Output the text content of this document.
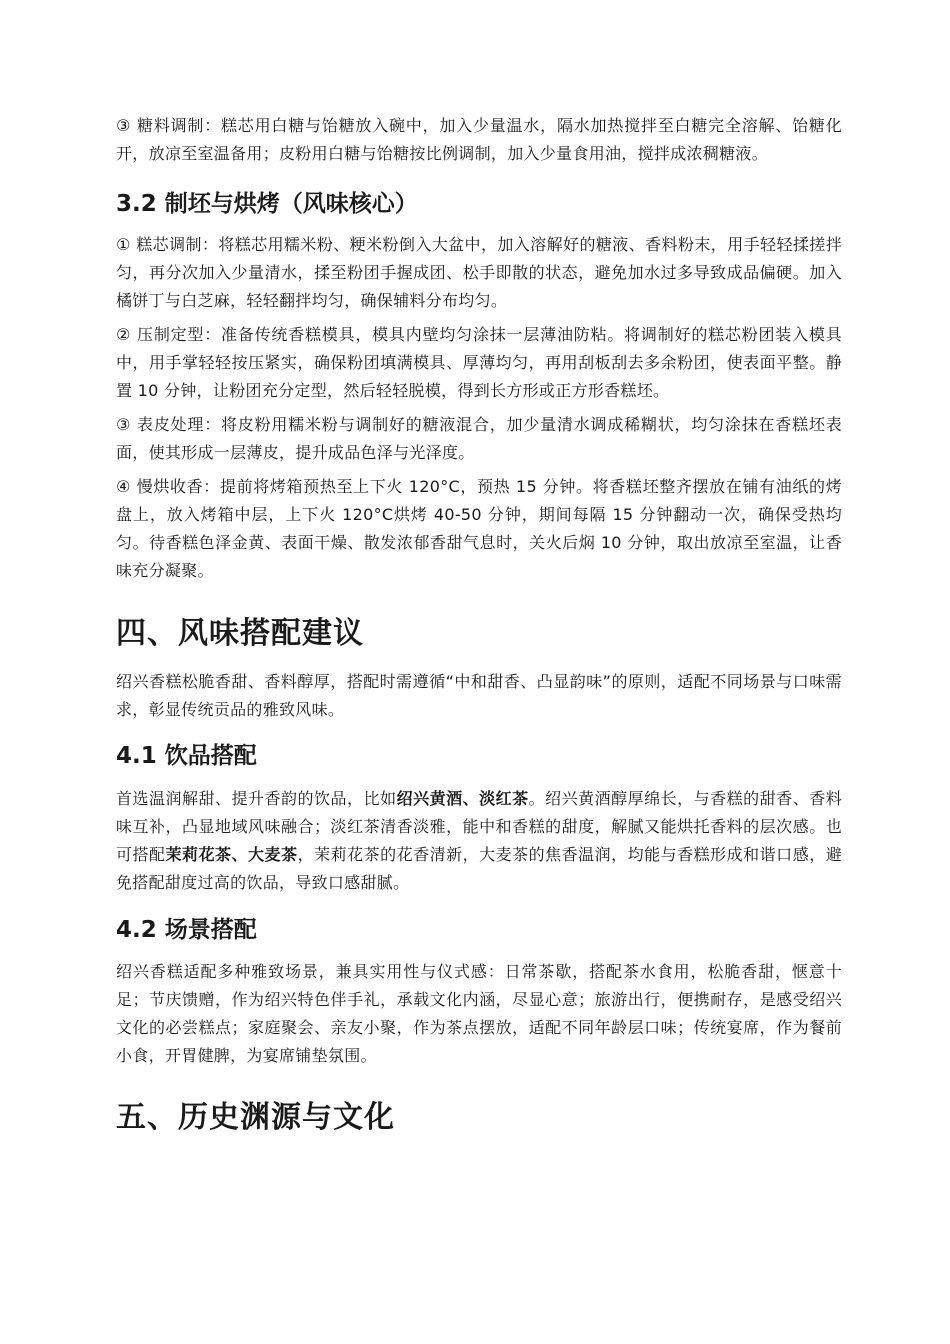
③ 糖料调制：糕芯用白糖与饴糖放入碗中，加入少量温水，隔水加热搅拌至白糖完全溶解、饴糖化开，放凉至室温备用；皮粉用白糖与饴糖按比例调制，加入少量食用油，搅拌成浓稠糖液。

3.2 制坯与烘烤（风味核心）

① 糕芯调制：将糕芯用糯米粉、粳米粉倒入大盆中，加入溶解好的糖液、香料粉末，用手轻轻揉搓拌匀，再分次加入少量清水，揉至粉团手握成团、松手即散的状态，避免加水过多导致成品偏硬。加入橘饼丁与白芝麻，轻轻翻拌均匀，确保辅料分布均匀。

② 压制定型：准备传统香糕模具，模具内壁均匀涂抹一层薄油防粘。将调制好的糕芯粉团装入模具中，用手掌轻轻按压紧实，确保粉团填满模具、厚薄均匀，再用刮板刮去多余粉团，使表面平整。静置 10 分钟，让粉团充分定型，然后轻轻脱模，得到长方形或正方形香糕坯。

③ 表皮处理：将皮粉用糯米粉与调制好的糖液混合，加少量清水调成稀糊状，均匀涂抹在香糕坯表面，使其形成一层薄皮，提升成品色泽与光泽度。

④ 慢烘收香：提前将烤箱预热至上下火 120°C，预热 15 分钟。将香糕坯整齐摆放在铺有油纸的烤盘上，放入烤箱中层，上下火 120°C烘烤 40-50 分钟，期间每隔 15 分钟翻动一次，确保受热均匀。待香糕色泽金黄、表面干燥、散发浓郁香甜气息时，关火后焖 10 分钟，取出放凉至室温，让香味充分凝聚。

四、风味搭配建议

绍兴香糕松脆香甜、香料醇厚，搭配时需遵循“中和甜香、凸显韵味”的原则，适配不同场景与口味需求，彰显传统贡品的雅致风味。

4.1 饮品搭配

首选温润解甜、提升香韵的饮品，比如绍兴黄酒、淡红茶。绍兴黄酒醇厚绵长，与香糕的甜香、香料味互补，凸显地域风味融合；淡红茶清香淡雅，能中和香糕的甜度，解腻又能烘托香料的层次感。也可搭配茉莉花茶、大麦茶，茉莉花茶的花香清新，大麦茶的焦香温润，均能与香糕形成和谐口感，避免搭配甜度过高的饮品，导致口感甜腻。

4.2 场景搭配

绍兴香糕适配多种雅致场景，兼具实用性与仪式感：日常茶歇，搭配茶水食用，松脆香甜，惬意十足；节庆馈赠，作为绍兴特色伴手礼，承载文化内涵，尽显心意；旅游出行，便携耐存，是感受绍兴文化的必尝糕点；家庭聚会、亲友小聚，作为茶点摆放，适配不同年龄层口味；传统宴席，作为餐前小食，开胃健脾，为宴席铺垫氛围。

五、历史渊源与文化
